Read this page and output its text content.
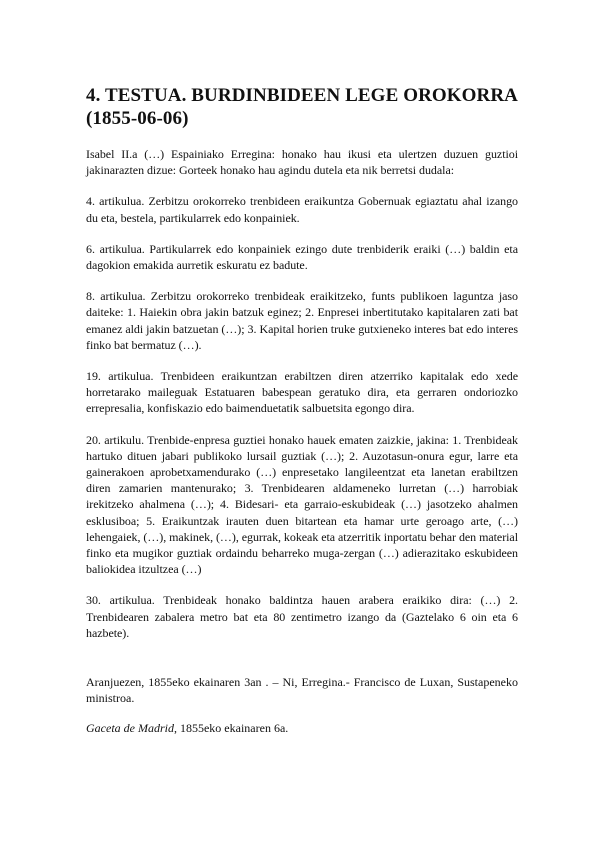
4. TESTUA. BURDINBIDEEN LEGE OROKORRA (1855-06-06)

Isabel II.a (…) Espainiako Erregina: honako hau ikusi eta ulertzen duzuen guztioi jakinarazten dizue: Gorteek honako hau agindu dutela eta nik berretsi dudala:

4. artikulua. Zerbitzu orokorreko trenbideen eraikuntza Gobernuak egiaztatu ahal izango du eta, bestela, partikularrek edo konpainiek.

6. artikulua. Partikularrek edo konpainiek ezingo dute trenbiderik eraiki (…) baldin eta dagokion emakida aurretik eskuratu ez badute.

8. artikulua. Zerbitzu orokorreko trenbideak eraikitzeko, funts publikoen laguntza jaso daiteke: 1. Haiekin obra jakin batzuk eginez; 2. Enpresei inbertitutako kapitalaren zati bat emanez aldi jakin batzuetan (…); 3. Kapital horien truke gutxieneko interes bat edo interes finko bat bermatuz (…).

19. artikulua. Trenbideen eraikuntzan erabiltzen diren atzerriko kapitalak edo xede horretarako maileguak Estatuaren babespean geratuko dira, eta gerraren ondoriozko errepresalia, konfiskazio edo baimenduetatik salbuetsita egongo dira.

20. artikulu. Trenbide-enpresa guztiei honako hauek ematen zaizkie, jakina: 1. Trenbideak hartuko dituen jabari publikoko lursail guztiak (…); 2. Auzotasun-onura egur, larre eta gainerakoen aprobetxamendurako (…) enpresetako langileentzat eta lanetan erabiltzen diren zamarien mantenurako; 3. Trenbidearen aldameneko lurretan (…) harrobiak irekitzeko ahalmena (…); 4. Bidesari- eta garraio-eskubideak (…) jasotzeko ahalmen esklusiboa; 5. Eraikuntzak irauten duen bitartean eta hamar urte geroago arte, (…) lehengaiek, (…), makinek, (…), egurrak, kokeak eta atzerritik inportatu behar den material finko eta mugikor guztiak ordaindu beharreko muga-zergan (…) adierazitako eskubideen baliokidea itzultzea (…)

30. artikulua. Trenbideak honako baldintza hauen arabera eraikiko dira: (…) 2. Trenbidearen zabalera metro bat eta 80 zentimetro izango da (Gaztelako 6 oin eta 6 hazbete).

Aranjuezen, 1855eko ekainaren 3an . – Ni, Erregina.- Francisco de Luxan, Sustapeneko ministroa.

Gaceta de Madrid, 1855eko ekainaren 6a.
